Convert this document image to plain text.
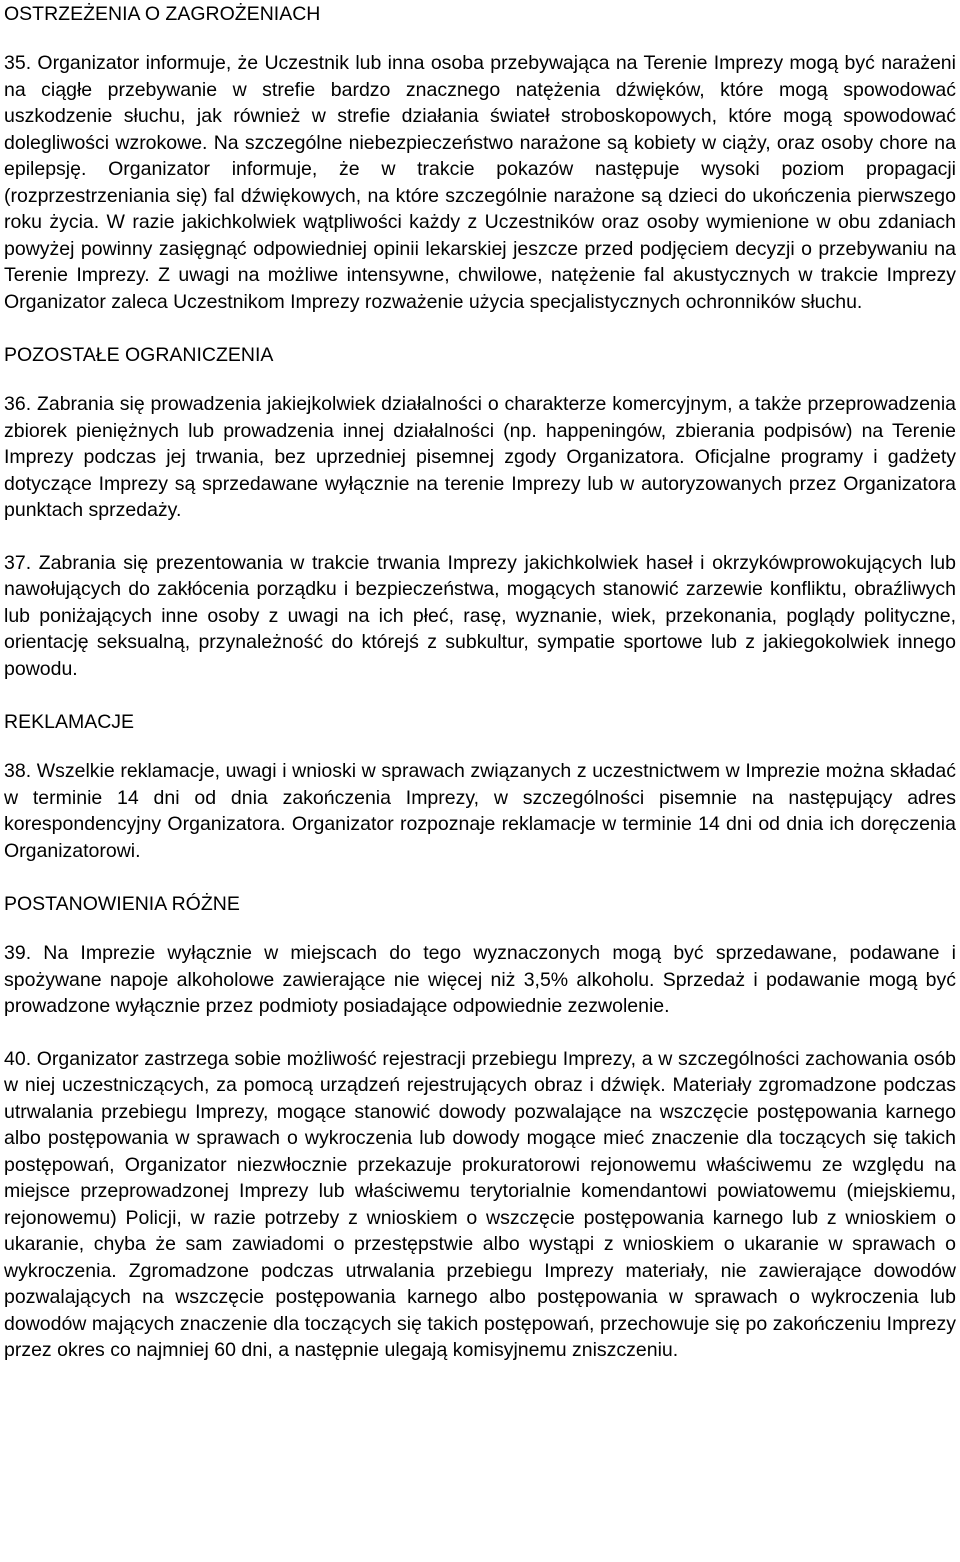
OSTRZEŻENIA O ZAGROŻENIACH

35. Organizator informuje, że Uczestnik lub inna osoba przebywająca na Terenie Imprezy mogą być narażeni na ciągłe przebywanie w strefie bardzo znacznego natężenia dźwięków, które mogą spowodować uszkodzenie słuchu, jak również w strefie działania świateł stroboskopowych, które mogą spowodować dolegliwości wzrokowe. Na szczególne niebezpieczeństwo narażone są kobiety w ciąży, oraz osoby chore na epilepsję. Organizator informuje, że w trakcie pokazów następuje wysoki poziom propagacji (rozprzestrzeniania się) fal dźwiękowych, na które szczególnie narażone są dzieci do ukończenia pierwszego roku życia. W razie jakichkolwiek wątpliwości każdy z Uczestników oraz osoby wymienione w obu zdaniach powyżej powinny zasięgnąć odpowiedniej opinii lekarskiej jeszcze przed podjęciem decyzji o przebywaniu na Terenie Imprezy. Z uwagi na możliwe intensywne, chwilowe, natężenie fal akustycznych w trakcie Imprezy Organizator zaleca Uczestnikom Imprezy rozważenie użycia specjalistycznych ochronników słuchu.

POZOSTAŁE OGRANICZENIA

36. Zabrania się prowadzenia jakiejkolwiek działalności o charakterze komercyjnym, a także przeprowadzenia zbiorek pieniężnych lub prowadzenia innej działalności (np. happeningów, zbierania podpisów) na Terenie Imprezy podczas jej trwania, bez uprzedniej pisemnej zgody Organizatora. Oficjalne programy i gadżety dotyczące Imprezy są sprzedawane wyłącznie na terenie Imprezy lub w autoryzowanych przez Organizatora punktach sprzedaży.

37. Zabrania się prezentowania w trakcie trwania Imprezy jakichkolwiek haseł i okrzykówprowokujących lub nawołujących do zakłócenia porządku i bezpieczeństwa, mogących stanowić zarzewie konfliktu, obraźliwych lub poniżających inne osoby z uwagi na ich płeć, rasę, wyznanie, wiek, przekonania, poglądy polityczne, orientację seksualną, przynależność do którejś z subkultur, sympatie sportowe lub z jakiegokolwiek innego powodu.

REKLAMACJE

38. Wszelkie reklamacje, uwagi i wnioski w sprawach związanych z uczestnictwem w Imprezie można składać w terminie 14 dni od dnia zakończenia Imprezy, w szczególności pisemnie na następujący adres korespondencyjny Organizatora. Organizator rozpoznaje reklamacje w terminie 14 dni od dnia ich doręczenia Organizatorowi.

POSTANOWIENIA RÓŻNE

39. Na Imprezie wyłącznie w miejscach do tego wyznaczonych mogą być sprzedawane, podawane i spożywane napoje alkoholowe zawierające nie więcej niż 3,5% alkoholu. Sprzedaż i podawanie mogą być prowadzone wyłącznie przez podmioty posiadające odpowiednie zezwolenie.

40. Organizator zastrzega sobie możliwość rejestracji przebiegu Imprezy, a w szczególności zachowania osób w niej uczestniczących, za pomocą urządzeń rejestrujących obraz i dźwięk. Materiały zgromadzone podczas utrwalania przebiegu Imprezy, mogące stanowić dowody pozwalające na wszczęcie postępowania karnego albo postępowania w sprawach o wykroczenia lub dowody mogące mieć znaczenie dla toczących się takich postępowań, Organizator niezwłocznie przekazuje prokuratorowi rejonowemu właściwemu ze względu na miejsce przeprowadzonej Imprezy lub właściwemu terytorialnie komendantowi powiatowemu (miejskiemu, rejonowemu) Policji, w razie potrzeby z wnioskiem o wszczęcie postępowania karnego lub z wnioskiem o ukaranie, chyba że sam zawiadomi o przestępstwie albo wystąpi z wnioskiem o ukaranie w sprawach o wykroczenia. Zgromadzone podczas utrwalania przebiegu Imprezy materiały, nie zawierające dowodów pozwalających na wszczęcie postępowania karnego albo postępowania w sprawach o wykroczenia lub dowodów mających znaczenie dla toczących się takich postępowań, przechowuje się po zakończeniu Imprezy przez okres co najmniej 60 dni, a następnie ulegają komisyjnemu zniszczeniu.
